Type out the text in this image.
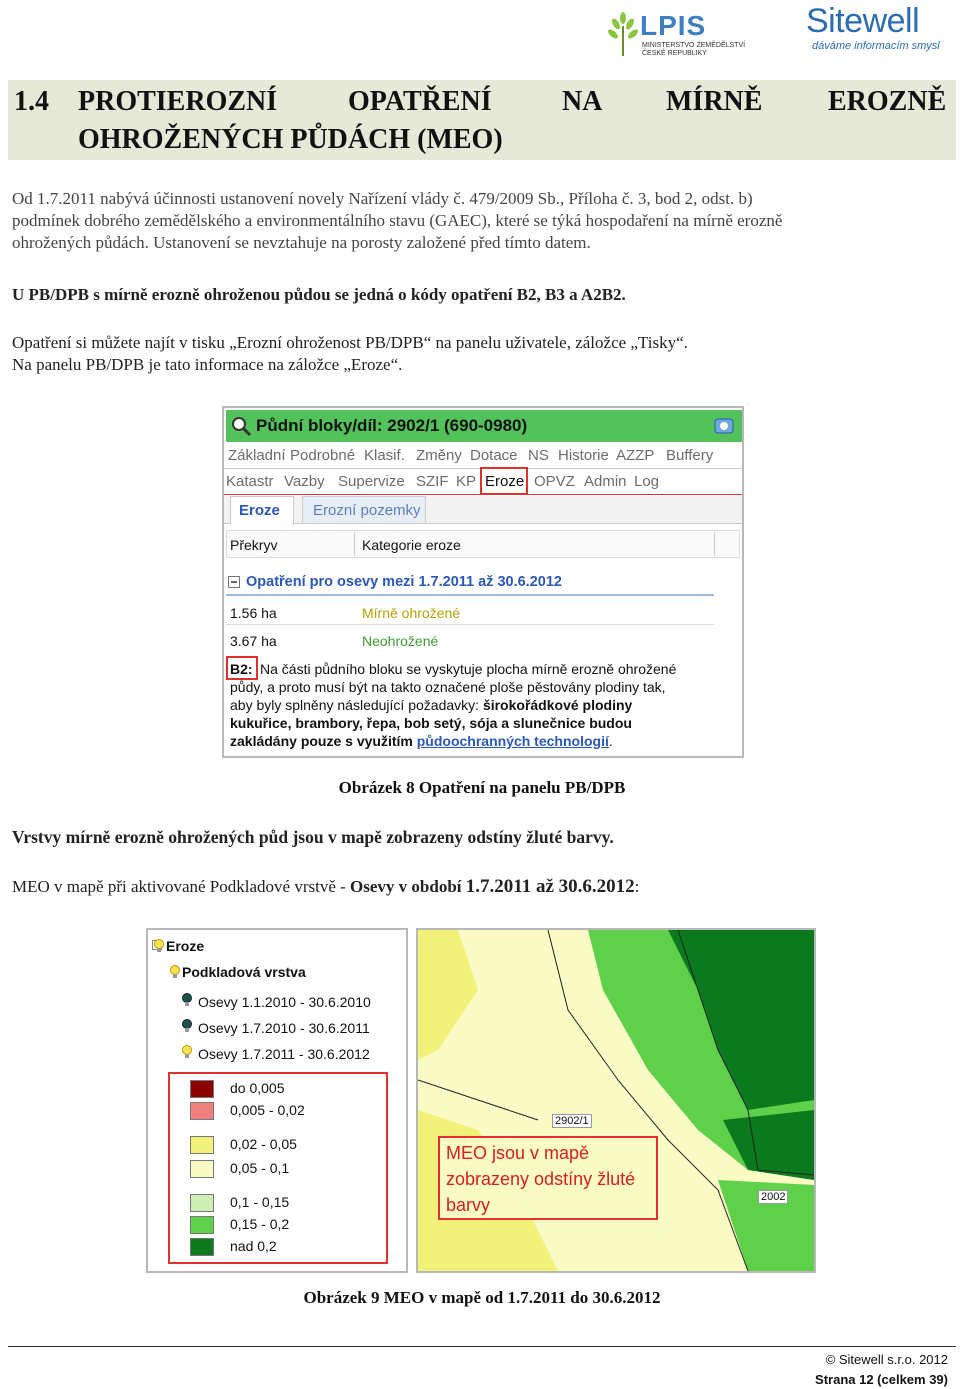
LPIS
MINISTERSTVO ZEMĚDĚLSTVÍ
ČESKÉ REPUBLIKY
Sitewell
dáváme informacím smysl
1.4 PROTIEROZNÍ	OPATŘENÍ	NA MÍRNĚ EROZNĚ
OHROŽENÝCH PŮDÁCH (MEO)
Od 1.7.2011 nabývá účinnosti ustanovení novely Nařízení vlády č. 479/2009 Sb., Příloha č. 3, bod 2, odst. b)
podmínek dobrého zemědělského a environmentálního stavu (GAEC), které se týká hospodaření na mírně erozně
ohrožených půdách. Ustanovení se nevztahuje na porosty založené před tímto datem.
U PB/DPB s mírně erozně ohroženou půdou se jedná o kódy opatření B2, B3 a A2B2.
Opatření si můžete najít v tisku „Erozní ohroženost PB/DPB“ na panelu uživatele, záložce „Tisky“.
Na panelu PB/DPB je tato informace na záložce „Eroze“.
Půdní bloky/díl: 2902/1 (690-0980)
Základní Podrobné Klasif. Změny Dotace NS Historie AZZP Buffery
Katastr Vazby Supervize SZIF KP Eroze OPVZ Admin Log
Eroze	Erozní pozemky
Překryv	Kategorie eroze
Opatření pro osevy mezi 1.7.2011 až 30.6.2012
1.56 ha	Mírně ohrožené
3.67 ha	Neohrožené
B2: Na části půdního bloku se vyskytuje plocha mírně erozně ohrožené
půdy, a proto musí být na takto označené ploše pěstovány plodiny tak,
aby byly splněny následující požadavky: širokořádkové plodiny
kukuřice, brambory, řepa, bob setý, sója a slunečnice budou
zakládány pouze s využitím půdoochranných technologií.
Obrázek 8 Opatření na panelu PB/DPB
Vrstvy mírně erozně ohrožených půd jsou v mapě zobrazeny odstíny žluté barvy.
MEO v mapě při aktivované Podkladové vrstvě - Osevy v období 1.7.2011 až 30.6.2012:
Eroze
Podkladová vrstva
Osevy 1.1.2010 - 30.6.2010
Osevy 1.7.2010 - 30.6.2011
Osevy 1.7.2011 - 30.6.2012
do 0,005
0,005 - 0,02
0,02 - 0,05
0,05 - 0,1
0,1 - 0,15
0,15 - 0,2
nad 0,2
2902/1
2002
MEO jsou v mapě
zobrazeny odstíny žluté
barvy
Obrázek 9 MEO v mapě od 1.7.2011 do 30.6.2012
© Sitewell s.r.o. 2012
Strana 12 (celkem 39)
